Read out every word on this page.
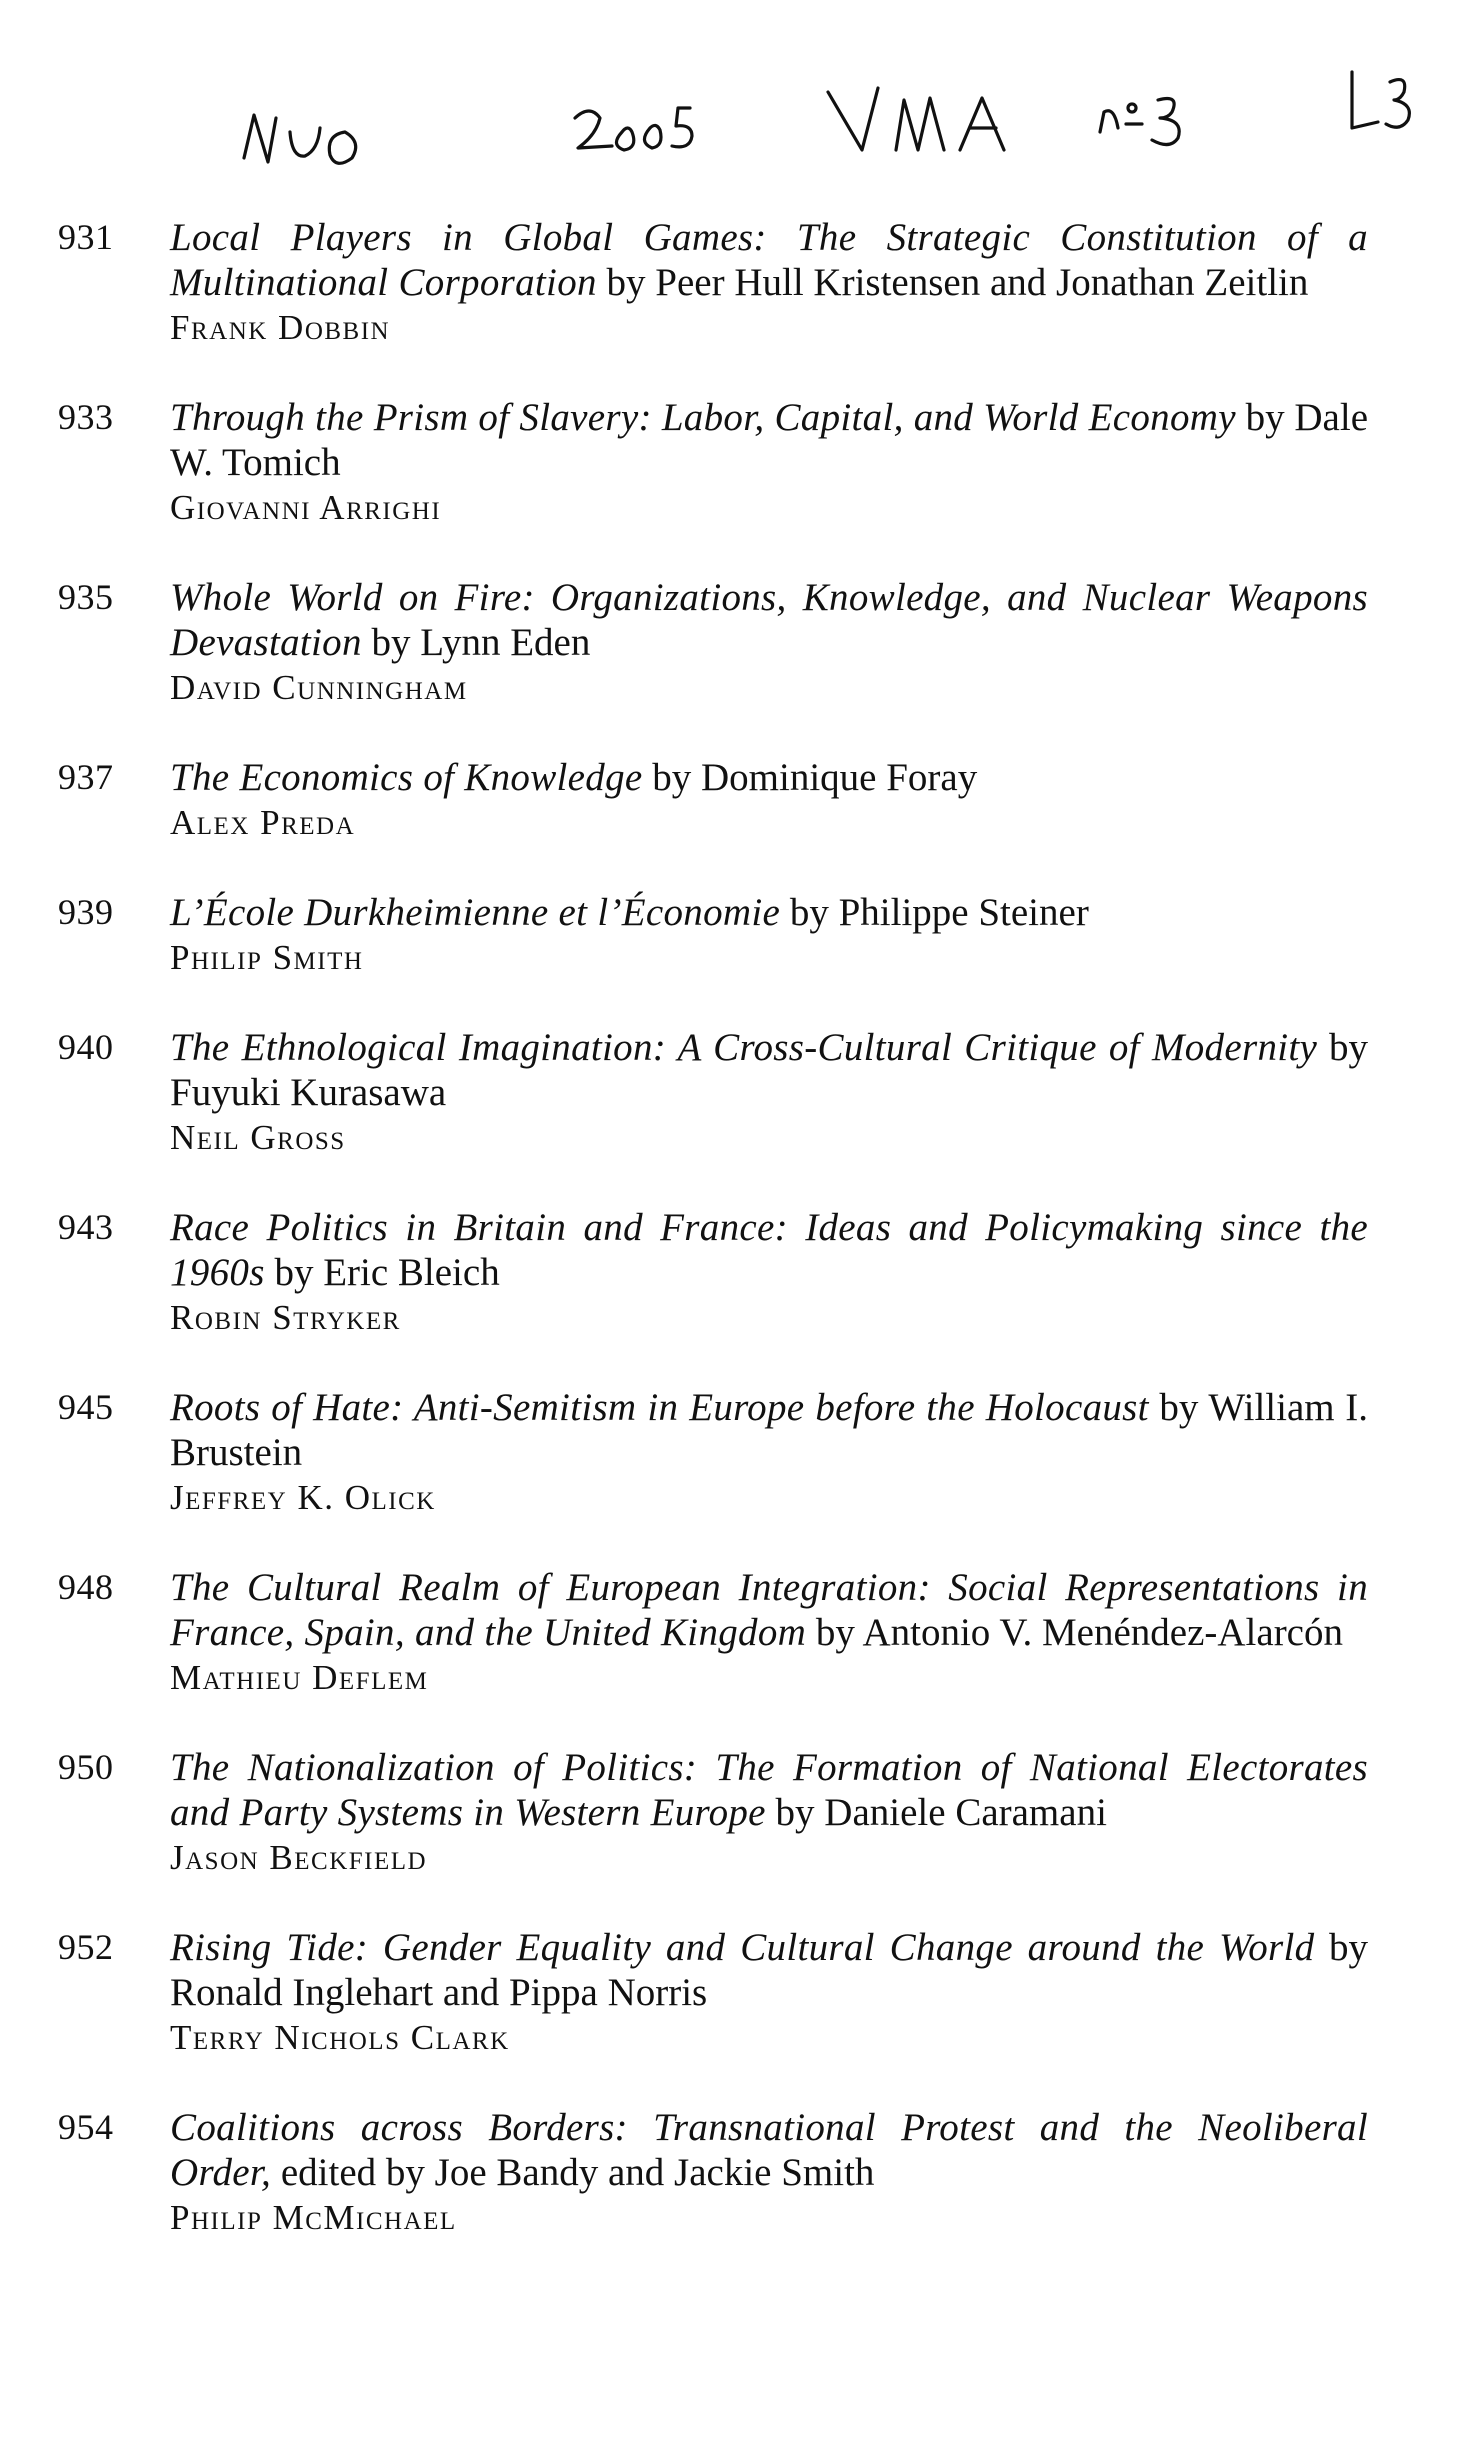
931	Local Players in Global Games: The Strategic Constitution of a Multinational Corporation by Peer Hull Kristensen and Jonathan Zeitlin

Frank Dobbin

933	Through the Prism of Slavery: Labor, Capital, and World Economy by Dale W. Tomich

Giovanni Arrighi

935	Whole World on Fire: Organizations, Knowledge, and Nuclear Weapons Devastation by Lynn Eden

David Cunningham

937	The Economics of Knowledge by Dominique Foray

Alex Preda

939	L’École Durkheimienne et l’Économie by Philippe Steiner

Philip Smith

940	The Ethnological Imagination: A Cross-Cultural Critique of Modernity by Fuyuki Kurasawa

Neil Gross

943	Race Politics in Britain and France: Ideas and Policymaking since the 1960s by Eric Bleich

Robin Stryker

945	Roots of Hate: Anti-Semitism in Europe before the Holocaust by William I. Brustein

Jeffrey K. Olick

948	The Cultural Realm of European Integration: Social Representations in France, Spain, and the United Kingdom by Antonio V. Menéndez-Alarcón

Mathieu Deflem

950	The Nationalization of Politics: The Formation of National Electorates and Party Systems in Western Europe by Daniele Caramani

Jason Beckfield

952	Rising Tide: Gender Equality and Cultural Change around the World by Ronald Inglehart and Pippa Norris

Terry Nichols Clark

954	Coalitions across Borders: Transnational Protest and the Neoliberal Order, edited by Joe Bandy and Jackie Smith

Philip McMichael
